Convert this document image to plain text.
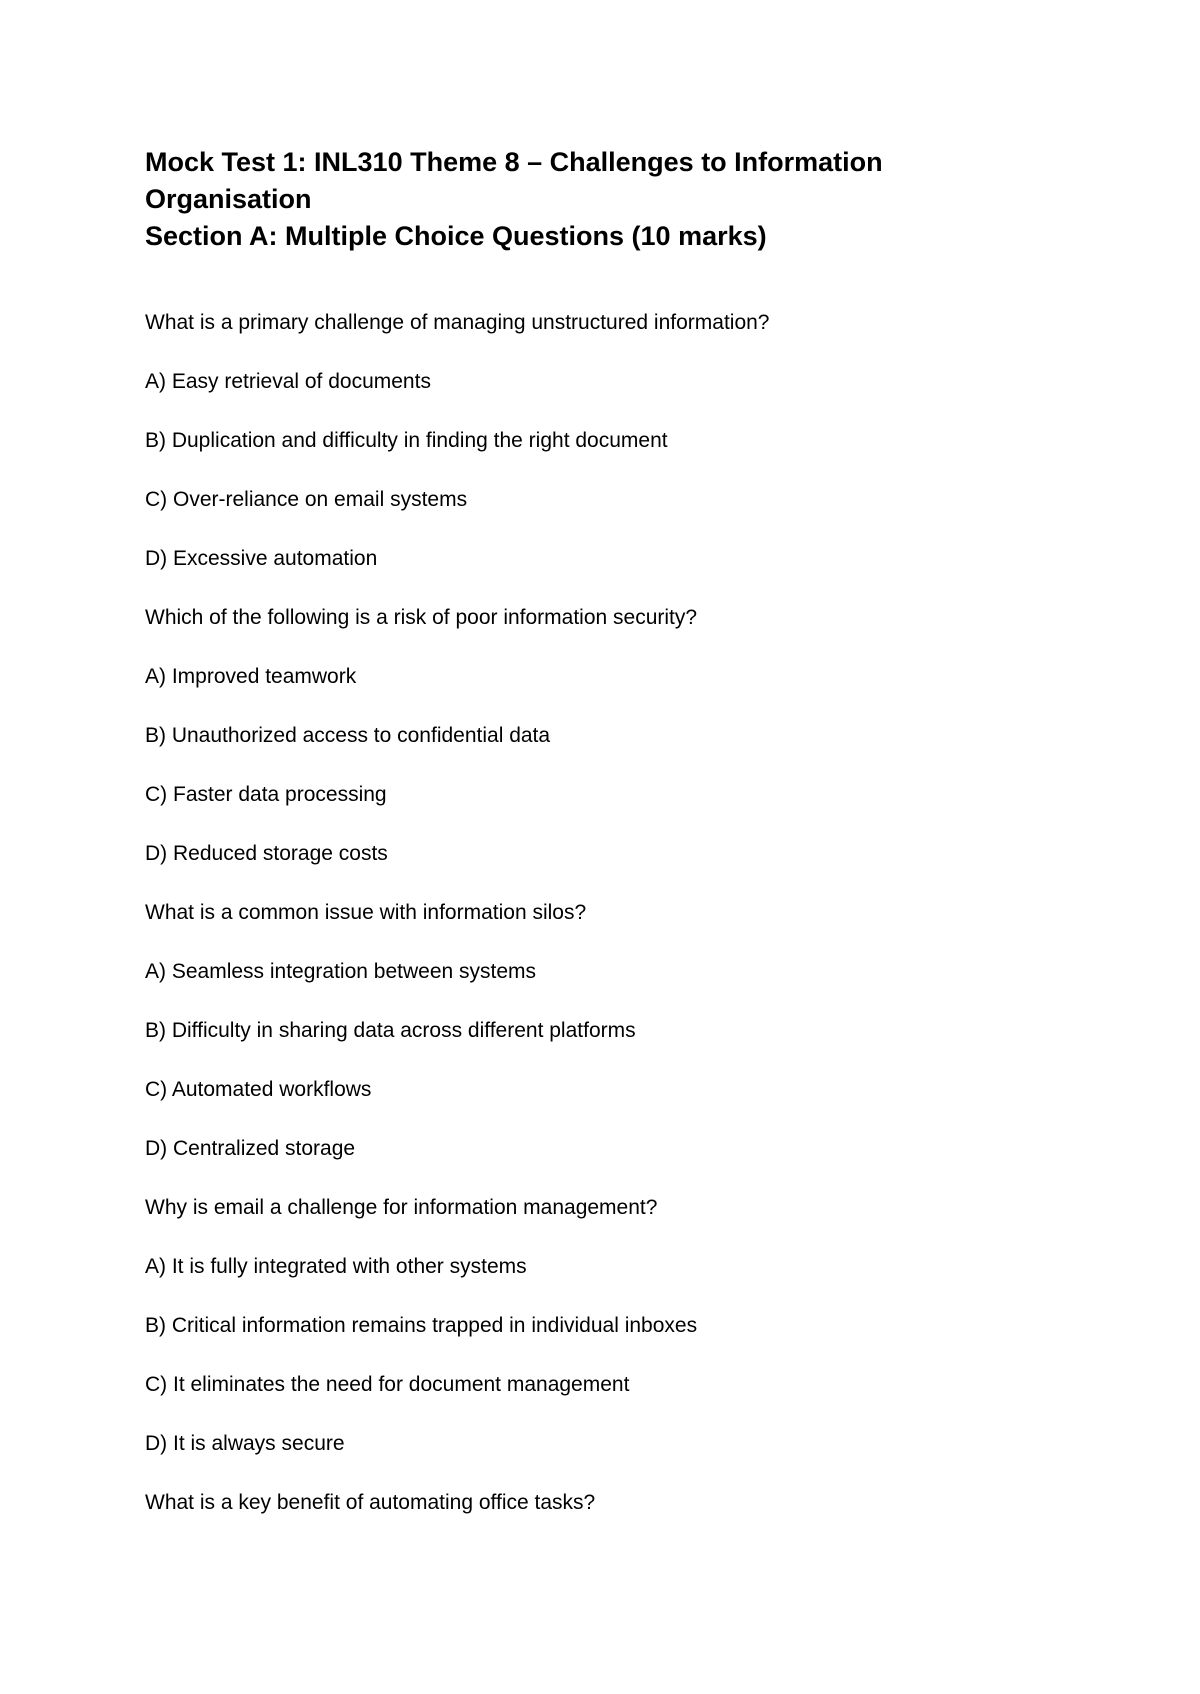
Mock Test 1: INL310 Theme 8 – Challenges to Information

Organisation

Section A: Multiple Choice Questions (10 marks)

What is a primary challenge of managing unstructured information?
A) Easy retrieval of documents
B) Duplication and difficulty in finding the right document
C) Over-reliance on email systems
D) Excessive automation
Which of the following is a risk of poor information security?
A) Improved teamwork
B) Unauthorized access to confidential data
C) Faster data processing
D) Reduced storage costs
What is a common issue with information silos?
A) Seamless integration between systems
B) Difficulty in sharing data across different platforms
C) Automated workflows
D) Centralized storage
Why is email a challenge for information management?
A) It is fully integrated with other systems
B) Critical information remains trapped in individual inboxes
C) It eliminates the need for document management
D) It is always secure
What is a key benefit of automating office tasks?
